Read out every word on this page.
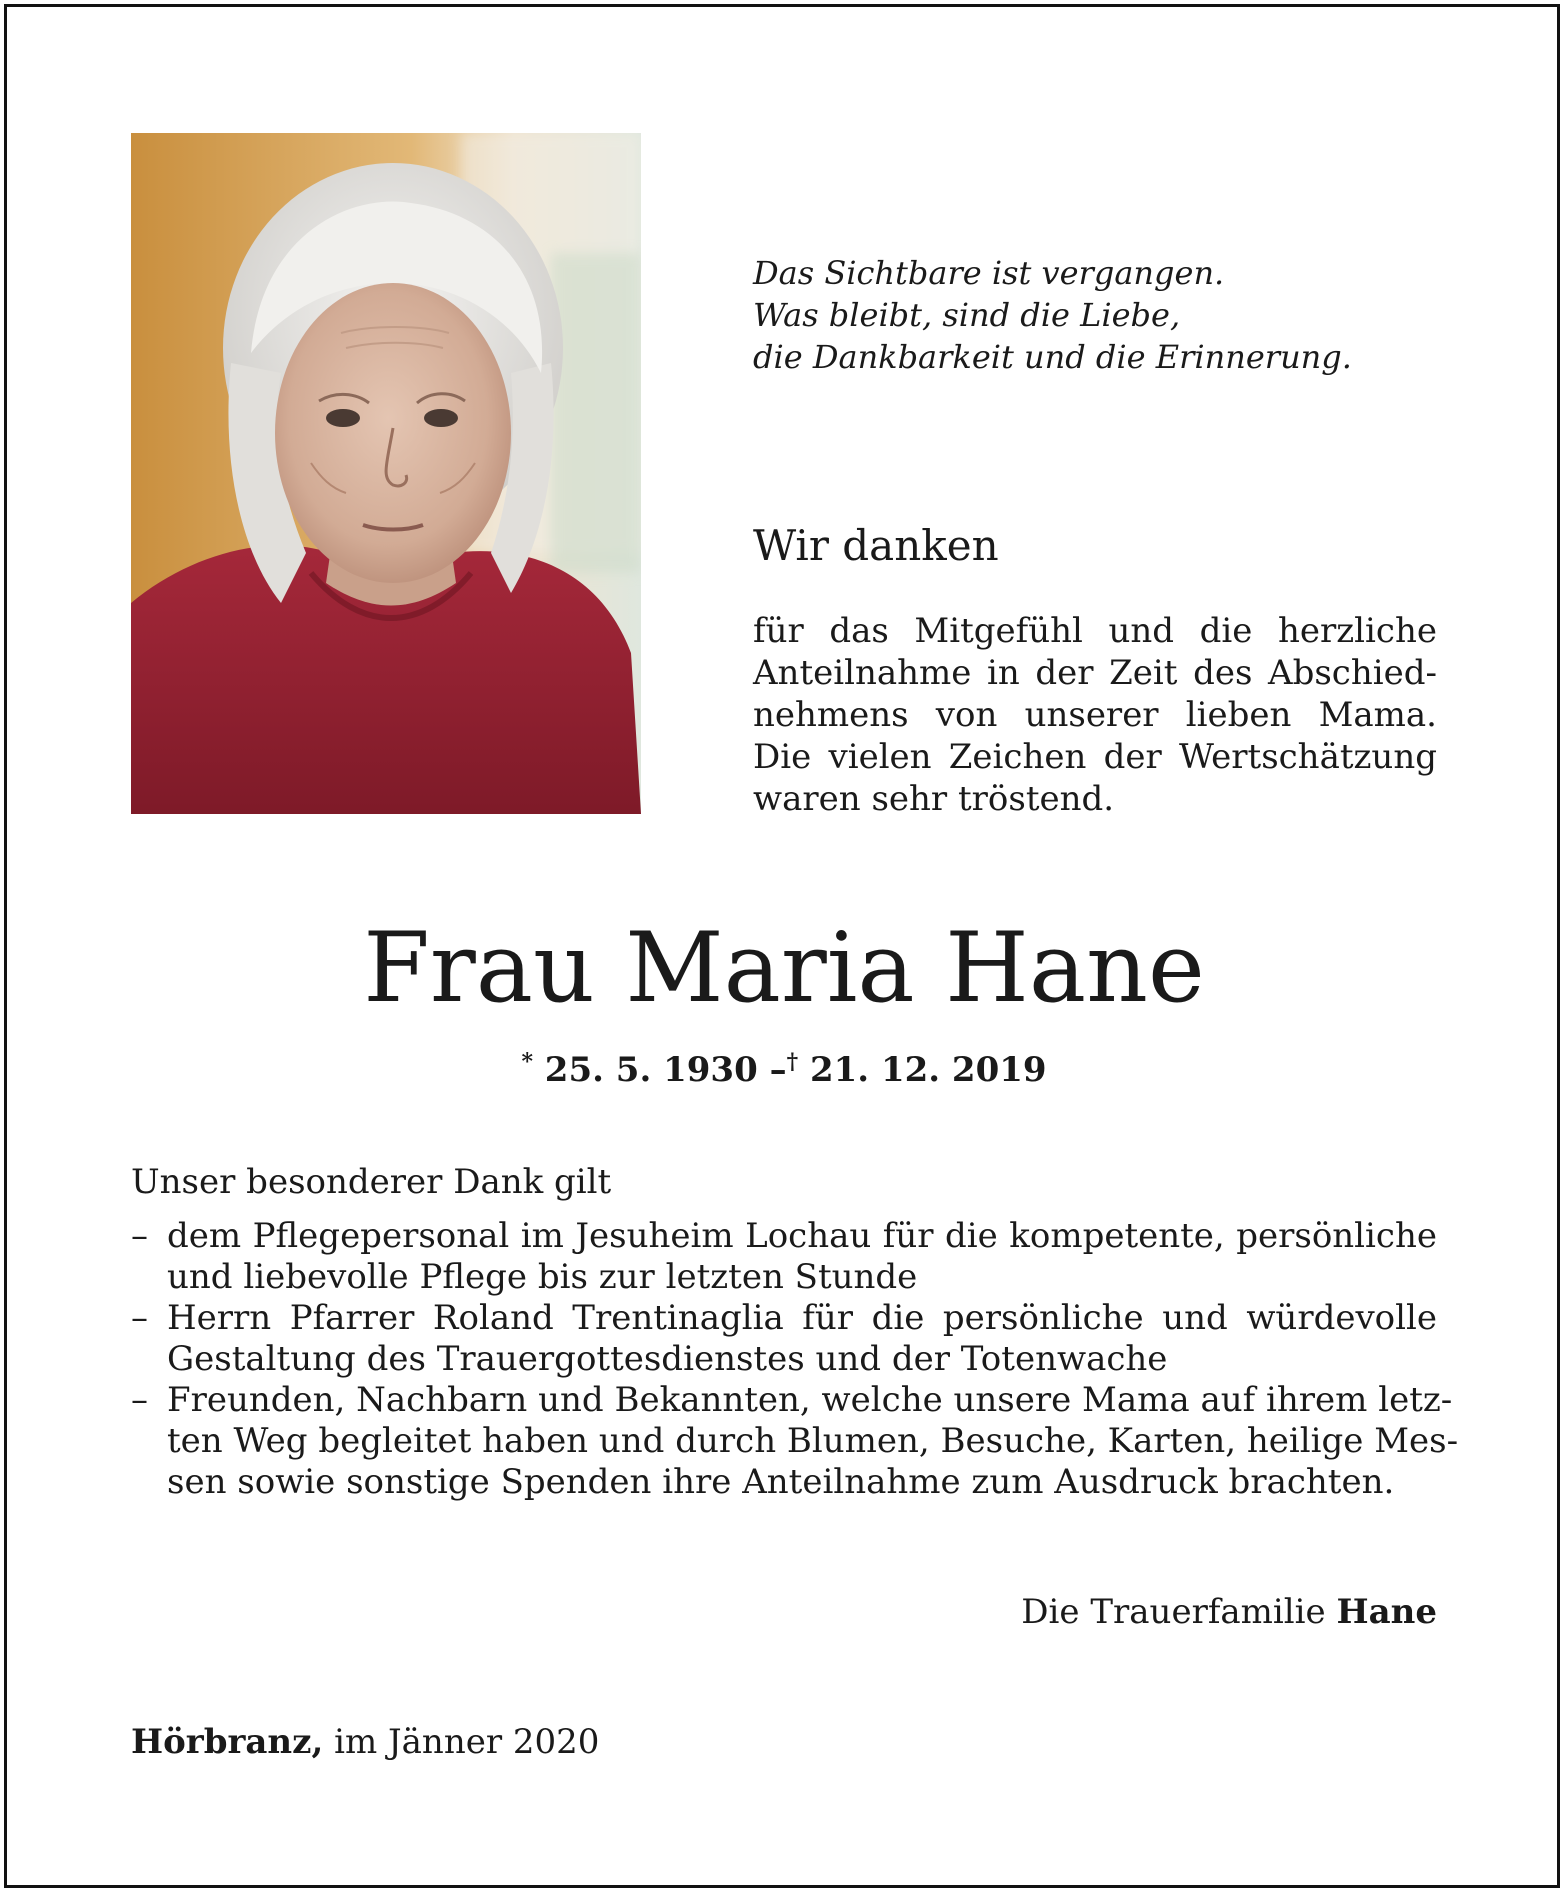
Das Sichtbare ist vergangen.
Was bleibt, sind die Liebe,
die Dankbarkeit und die Erinnerung.
Wir danken
für das Mitgefühl und die herzliche
Anteilnahme in der Zeit des Abschied-
nehmens von unserer lieben Mama.
Die vielen Zeichen der Wertschätzung
waren sehr tröstend.
Frau Maria Hane
* 25. 5. 1930 –† 21. 12. 2019
Unser besonderer Dank gilt
– dem Pflegepersonal im Jesuheim Lochau für die kompetente, persönliche
und liebevolle Pflege bis zur letzten Stunde
– Herrn Pfarrer Roland Trentinaglia für die persönliche und würdevolle
Gestaltung des Trauergottesdienstes und der Totenwache
– Freunden, Nachbarn und Bekannten, welche unsere Mama auf ihrem letz-
ten Weg begleitet haben und durch Blumen, Besuche, Karten, heilige Mes-
sen sowie sonstige Spenden ihre Anteilnahme zum Ausdruck brachten.
Die Trauerfamilie Hane
Hörbranz, im Jänner 2020
